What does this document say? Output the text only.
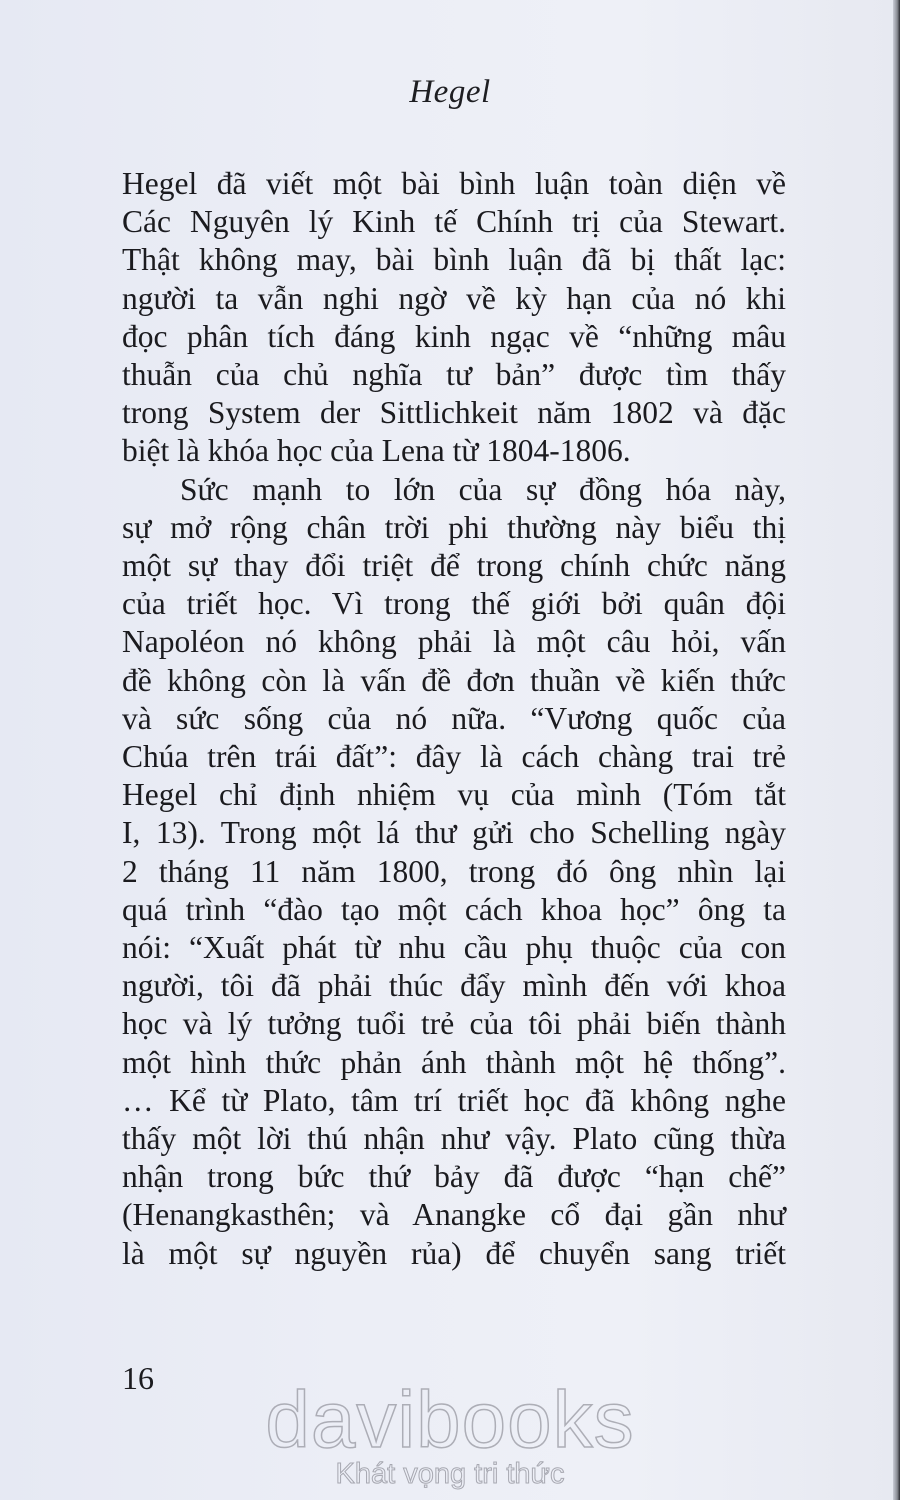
Hegel
Hegel đã viết một bài bình luận toàn diện về
Các Nguyên lý Kinh tế Chính trị của Stewart.
Thật không may, bài bình luận đã bị thất lạc:
người ta vẫn nghi ngờ về kỳ hạn của nó khi
đọc phân tích đáng kinh ngạc về “những mâu
thuẫn của chủ nghĩa tư bản” được tìm thấy
trong System der Sittlichkeit năm 1802 và đặc
biệt là khóa học của Lena từ 1804-1806.
Sức mạnh to lớn của sự đồng hóa này,
sự mở rộng chân trời phi thường này biểu thị
một sự thay đổi triệt để trong chính chức năng
của triết học. Vì trong thế giới bởi quân đội
Napoléon nó không phải là một câu hỏi, vấn
đề không còn là vấn đề đơn thuần về kiến thức
và sức sống của nó nữa. “Vương quốc của
Chúa trên trái đất”: đây là cách chàng trai trẻ
Hegel chỉ định nhiệm vụ của mình (Tóm tắt
I, 13). Trong một lá thư gửi cho Schelling ngày
2 tháng 11 năm 1800, trong đó ông nhìn lại
quá trình “đào tạo một cách khoa học” ông ta
nói: “Xuất phát từ nhu cầu phụ thuộc của con
người, tôi đã phải thúc đẩy mình đến với khoa
học và lý tưởng tuổi trẻ của tôi phải biến thành
một hình thức phản ánh thành một hệ thống”.
… Kể từ Plato, tâm trí triết học đã không nghe
thấy một lời thú nhận như vậy. Plato cũng thừa
nhận trong bức thứ bảy đã được “hạn chế”
(Henangkasthên; và Anangke cổ đại gần như
là một sự nguyền rủa) để chuyển sang triết
16	davibooks
Khát vọng tri thức
